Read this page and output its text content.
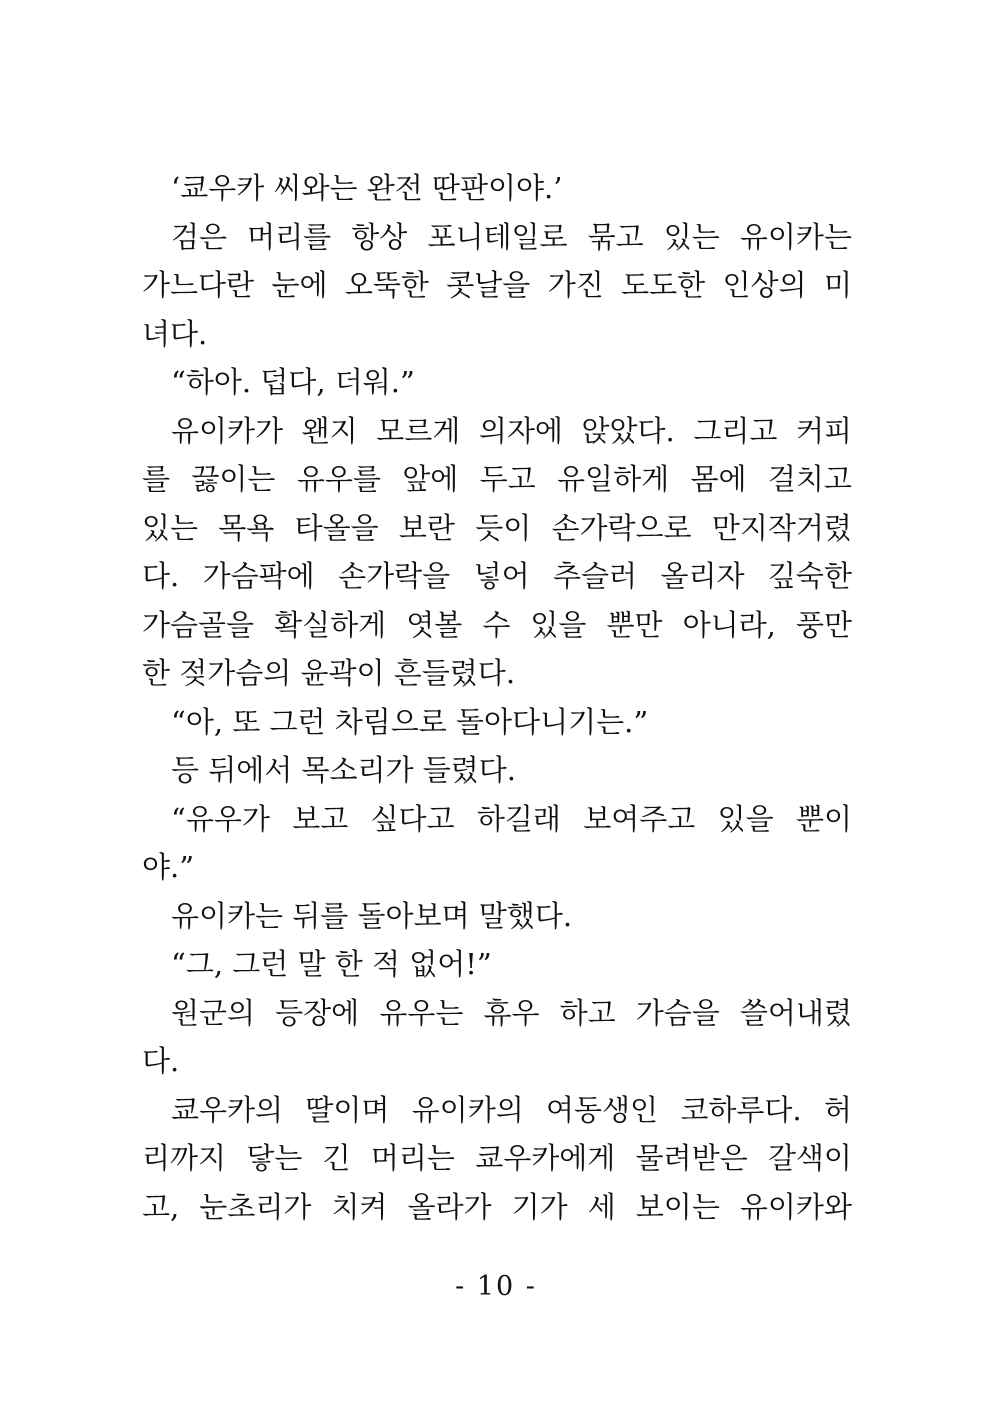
‘쿄우카 씨와는 완전 딴판이야.’
검은 머리를 항상 포니테일로 묶고 있는 유이카는
가느다란 눈에 오뚝한 콧날을 가진 도도한 인상의 미
녀다.
“하아. 덥다, 더워.”
유이카가 왠지 모르게 의자에 앉았다. 그리고 커피
를 끓이는 유우를 앞에 두고 유일하게 몸에 걸치고
있는 목욕 타올을 보란 듯이 손가락으로 만지작거렸
다. 가슴팍에 손가락을 넣어 추슬러 올리자 깊숙한
가슴골을 확실하게 엿볼 수 있을 뿐만 아니라, 풍만
한 젖가슴의 윤곽이 흔들렸다.
“아, 또 그런 차림으로 돌아다니기는.”
등 뒤에서 목소리가 들렸다.
“유우가 보고 싶다고 하길래 보여주고 있을 뿐이
야.”
유이카는 뒤를 돌아보며 말했다.
“그, 그런 말 한 적 없어!”
원군의 등장에 유우는 휴우 하고 가슴을 쓸어내렸
다.
쿄우카의 딸이며 유이카의 여동생인 코하루다. 허
리까지 닿는 긴 머리는 쿄우카에게 물려받은 갈색이
고, 눈초리가 치켜 올라가 기가 세 보이는 유이카와
- 10 -
